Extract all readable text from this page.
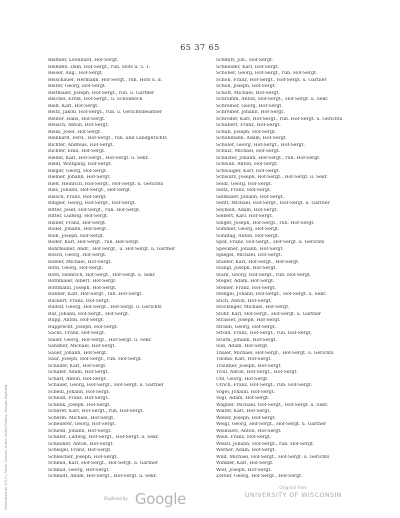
65 37 65
Reißner, Leonhard, Hof-Sergt.
Reißdell, Dam, Hof-Sergt., ruh. Hofs u. 5. 1.
Reiser, Aug., Hof-Sergt.
Reischauer, Hermann, Hof-Sergt., ruh. Hofs u. d.
Reiter, Georg, Hof-Sergt.
Reitmaier, Joseph, Hof-Sergt., ruh. u. Gartner
Reichel, Ernst, Hof-Sergt., u. Schönbeck
Reiß, Karl, Hof-Sergt.
Reitz, Jakob, Hof-Sergt., ruh. u. Gerichtsbeamter
Reuter, Hans, Hof-Sergt.
Reusch, Anton, Hof-Sergt.
Reuß, Josef, Hof-Sergt.
Reinhard, Ferd., Hof-Sergt., ruh. und Landgerichts
Richter, Andreas, Hof-Sergt.
Richter, Emil, Hof-Sergt.
Riedel, Karl, Hof-Sergt., Hof-Sergt. u. Sekr.
Riedl, Wolfgang, Hof-Sergt.
Rieger, Georg, Hof-Sergt.
Riemer, Johann, Hof-Sergt.
Rieß, Heinrich, Hof-Sergt., Hof-Sergt. u. Gerichts
Ries, Johann, Hof-Sergt., Hof-Sergt.
Riesch, Franz, Hof-Sergt.
Ringler, Georg, Hof-Sergt., Hof-Sergt.
Ritter, Josef, Hof-Sergt., ruh. Hof-Sergt.
Ritter, Ludwig, Hof-Sergt.
Rixner, Franz, Hof-Sergt.
Rödel, Johann, Hof-Sergt.
Rödl, Joseph, Hof-Sergt.
Röder, Karl, Hof-Sergt., ruh. Hof-Sergt.
Rohrmüller, Andr., Hof-Sergt., u. Hof-Sergt. u. Gartner
Rösch, Georg, Hof-Sergt.
Rößler, Michael, Hof-Sergt.
Roth, Georg, Hof-Sergt.
Roth, Heinrich, Hof-Sergt., Hof-Sergt. u. Sekr.
Rothmaier, Albert, Hof-Sergt.
Rottmann, Joseph, Hof-Sergt.
Rubner, Karl, Hof-Sergt., ruh. Hof-Sergt.
Rückert, Franz, Hof-Sergt.
Rudolf, Georg, Hof-Sergt., Hof-Sergt. u. Gerichts
Ruf, Johann, Hof-Sergt., Hof-Sergt.
Rupp, Anton, Hof-Sergt.
Rupprecht, Joseph, Hof-Sergt.
Sachs, Franz, Hof-Sergt.
Sailer, Georg, Hof-Sergt., Hof-Sergt. u. Sekr.
Sandner, Michael, Hof-Sergt.
Sauer, Johann, Hof-Sergt.
Saur, Joseph, Hof-Sergt., ruh. Hof-Sergt.
Schaller, Karl, Hof-Sergt.
Schäfer, Adam, Hof-Sergt.
Scharf, Anton, Hof-Sergt.
Schauer, Georg, Hof-Sergt., Hof-Sergt. u. Gartner
Schedl, Johann, Hof-Sergt.
Scheidl, Franz, Hof-Sergt.
Schenk, Joseph, Hof-Sergt.
Scherer, Karl, Hof-Sergt., ruh. Hof-Sergt.
Scherm, Michael, Hof-Sergt.
Scheuerer, Georg, Hof-Sergt.
Schießl, Johann, Hof-Sergt.
Schiller, Ludwig, Hof-Sergt., Hof-Sergt. u. Sekr.
Schindler, Anton, Hof-Sergt.
Schlegel, Franz, Hof-Sergt.
Schleicher, Joseph, Hof-Sergt.
Schmid, Karl, Hof-Sergt., Hof-Sergt. u. Gartner
Schmid, Georg, Hof-Sergt.
Schmidt, Adam, Hof-Sergt., Hof-Sergt. u. Sekr.
Schmitt, Joh., Hof-Sergt.
Schneider, Karl, Hof-Sergt.
Schober, Georg, Hof-Sergt., ruh. Hof-Sergt.
Schöll, Franz, Hof-Sergt., Hof-Sergt. u. Gartner
Schön, Joseph, Hof-Sergt.
Schott, Michael, Hof-Sergt.
Schramm, Anton, Hof-Sergt., Hof-Sergt. u. Sekr.
Schreiber, Georg, Hof-Sergt.
Schreiner, Johann, Hof-Sergt.
Schröder, Karl, Hof-Sergt., ruh. Hof-Sergt. u. Gerichts
Schubert, Franz, Hof-Sergt.
Schuh, Joseph, Hof-Sergt.
Schuhmann, Adam, Hof-Sergt.
Schuler, Georg, Hof-Sergt., Hof-Sergt.
Schulz, Michael, Hof-Sergt.
Schuster, Johann, Hof-Sergt., ruh. Hof-Sergt.
Schwab, Anton, Hof-Sergt.
Schwaiger, Karl, Hof-Sergt.
Schwarz, Joseph, Hof-Sergt., Hof-Sergt. u. Sekr.
Seidl, Georg, Hof-Sergt.
Seitz, Franz, Hof-Sergt.
Sellmaier, Johann, Hof-Sergt.
Senft, Michael, Hof-Sergt., Hof-Sergt. u. Gartner
Seybold, Adam, Hof-Sergt.
Siebert, Karl, Hof-Sergt.
Singer, Joseph, Hof-Sergt., ruh. Hof-Sergt.
Sommer, Georg, Hof-Sergt.
Sonntag, Anton, Hof-Sergt.
Spät, Franz, Hof-Sergt., Hof-Sergt. u. Gerichts
Speckner, Johann, Hof-Sergt.
Spiegel, Michael, Hof-Sergt.
Stadler, Karl, Hof-Sergt., Hof-Sergt.
Stangl, Joseph, Hof-Sergt.
Stark, Georg, Hof-Sergt., ruh. Hof-Sergt.
Steger, Adam, Hof-Sergt.
Steiner, Franz, Hof-Sergt.
Stengel, Johann, Hof-Sergt., Hof-Sergt. u. Sekr.
Stich, Anton, Hof-Sergt.
Stockinger, Michael, Hof-Sergt.
Stöhr, Karl, Hof-Sergt., Hof-Sergt. u. Gartner
Strasser, Joseph, Hof-Sergt.
Straub, Georg, Hof-Sergt.
Strobl, Franz, Hof-Sergt., ruh. Hof-Sergt.
Sturm, Johann, Hof-Sergt.
Süß, Adam, Hof-Sergt.
Thaler, Michael, Hof-Sergt., Hof-Sergt. u. Gerichts
Thoma, Karl, Hof-Sergt.
Trautner, Joseph, Hof-Sergt.
Troll, Anton, Hof-Sergt., Hof-Sergt.
Uhl, Georg, Hof-Sergt.
Ulrich, Franz, Hof-Sergt., ruh. Hof-Sergt.
Vogel, Johann, Hof-Sergt.
Vogl, Adam, Hof-Sergt.
Wagner, Michael, Hof-Sergt., Hof-Sergt. u. Sekr.
Walter, Karl, Hof-Sergt.
Weber, Joseph, Hof-Sergt.
Weigl, Georg, Hof-Sergt., Hof-Sergt. u. Gartner
Weinzierl, Anton, Hof-Sergt.
Weiß, Franz, Hof-Sergt.
Wenzl, Johann, Hof-Sergt., ruh. Hof-Sergt.
Werner, Adam, Hof-Sergt.
Wild, Michael, Hof-Sergt., Hof-Sergt. u. Gerichts
Winkler, Karl, Hof-Sergt.
Wolf, Joseph, Hof-Sergt.
Zeitler, Georg, Hof-Sergt., Hof-Sergt.
Generated on 2013 | Public Domain in the United States, Google-digitized	Digitized by Google
Original from
UNIVERSITY OF WISCONSIN
